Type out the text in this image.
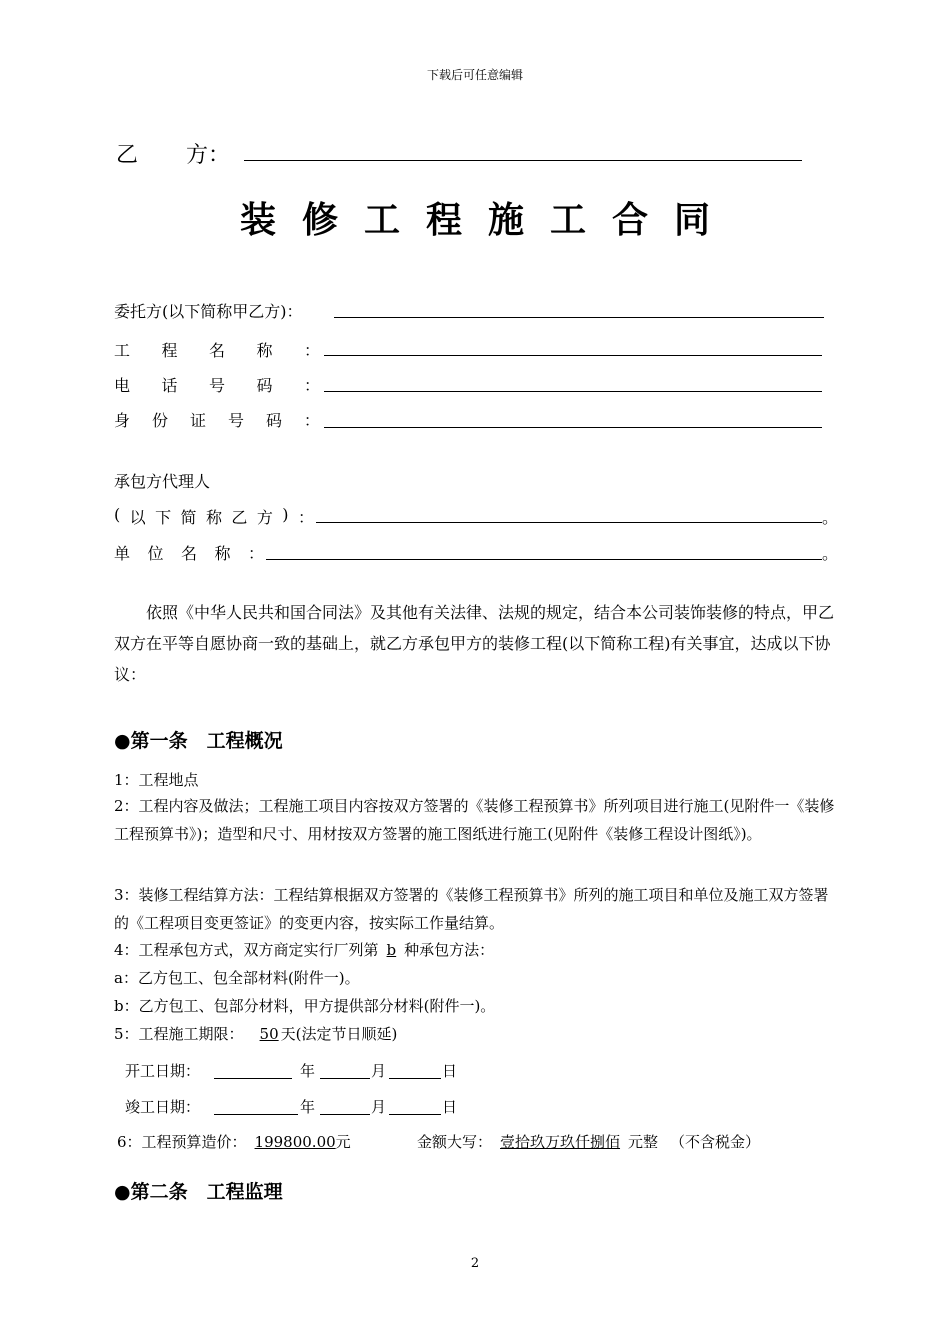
下载后可任意编辑
乙 方：
装修工程施工合同
委托方(以下简称甲乙方)：
工 程 名 称 ：
电 话 号 码 ：
身 份 证 号 码 ：
承包方代理人
( 以 下 简 称 乙 方 ) ：	。
单 位 名 称 ：	。
依照《中华人民共和国合同法》及其他有关法律、法规的规定，结合本公司装饰装修的特点，甲乙双方在平等自愿协商一致的基础上，就乙方承包甲方的装修工程(以下简称工程)有关事宜，达成以下协议：
●第一条　工程概况
1：工程地点
2：工程内容及做法；工程施工项目内容按双方签署的《装修工程预算书》所列项目进行施工(见附件一《装修工程预算书》)；造型和尺寸、用材按双方签署的施工图纸进行施工(见附件《装修工程设计图纸》)。
3：装修工程结算方法：工程结算根据双方签署的《装修工程预算书》所列的施工项目和单位及施工双方签署的《工程项目变更签证》的变更内容，按实际工作量结算。
4：工程承包方式，双方商定实行厂列第 b 种承包方法：
a：乙方包工、包全部材料(附件一)。
b：乙方包工、包部分材料，甲方提供部分材料(附件一)。
5：工程施工期限： 50 天(法定节日顺延)
开工日期：	年	月	日
竣工日期：	年	月	日
6：工程预算造价： 199800.00元	金额大写： 壹拾玖万玖仟捌佰 元整 （不含税金）
●第二条　工程监理
2
